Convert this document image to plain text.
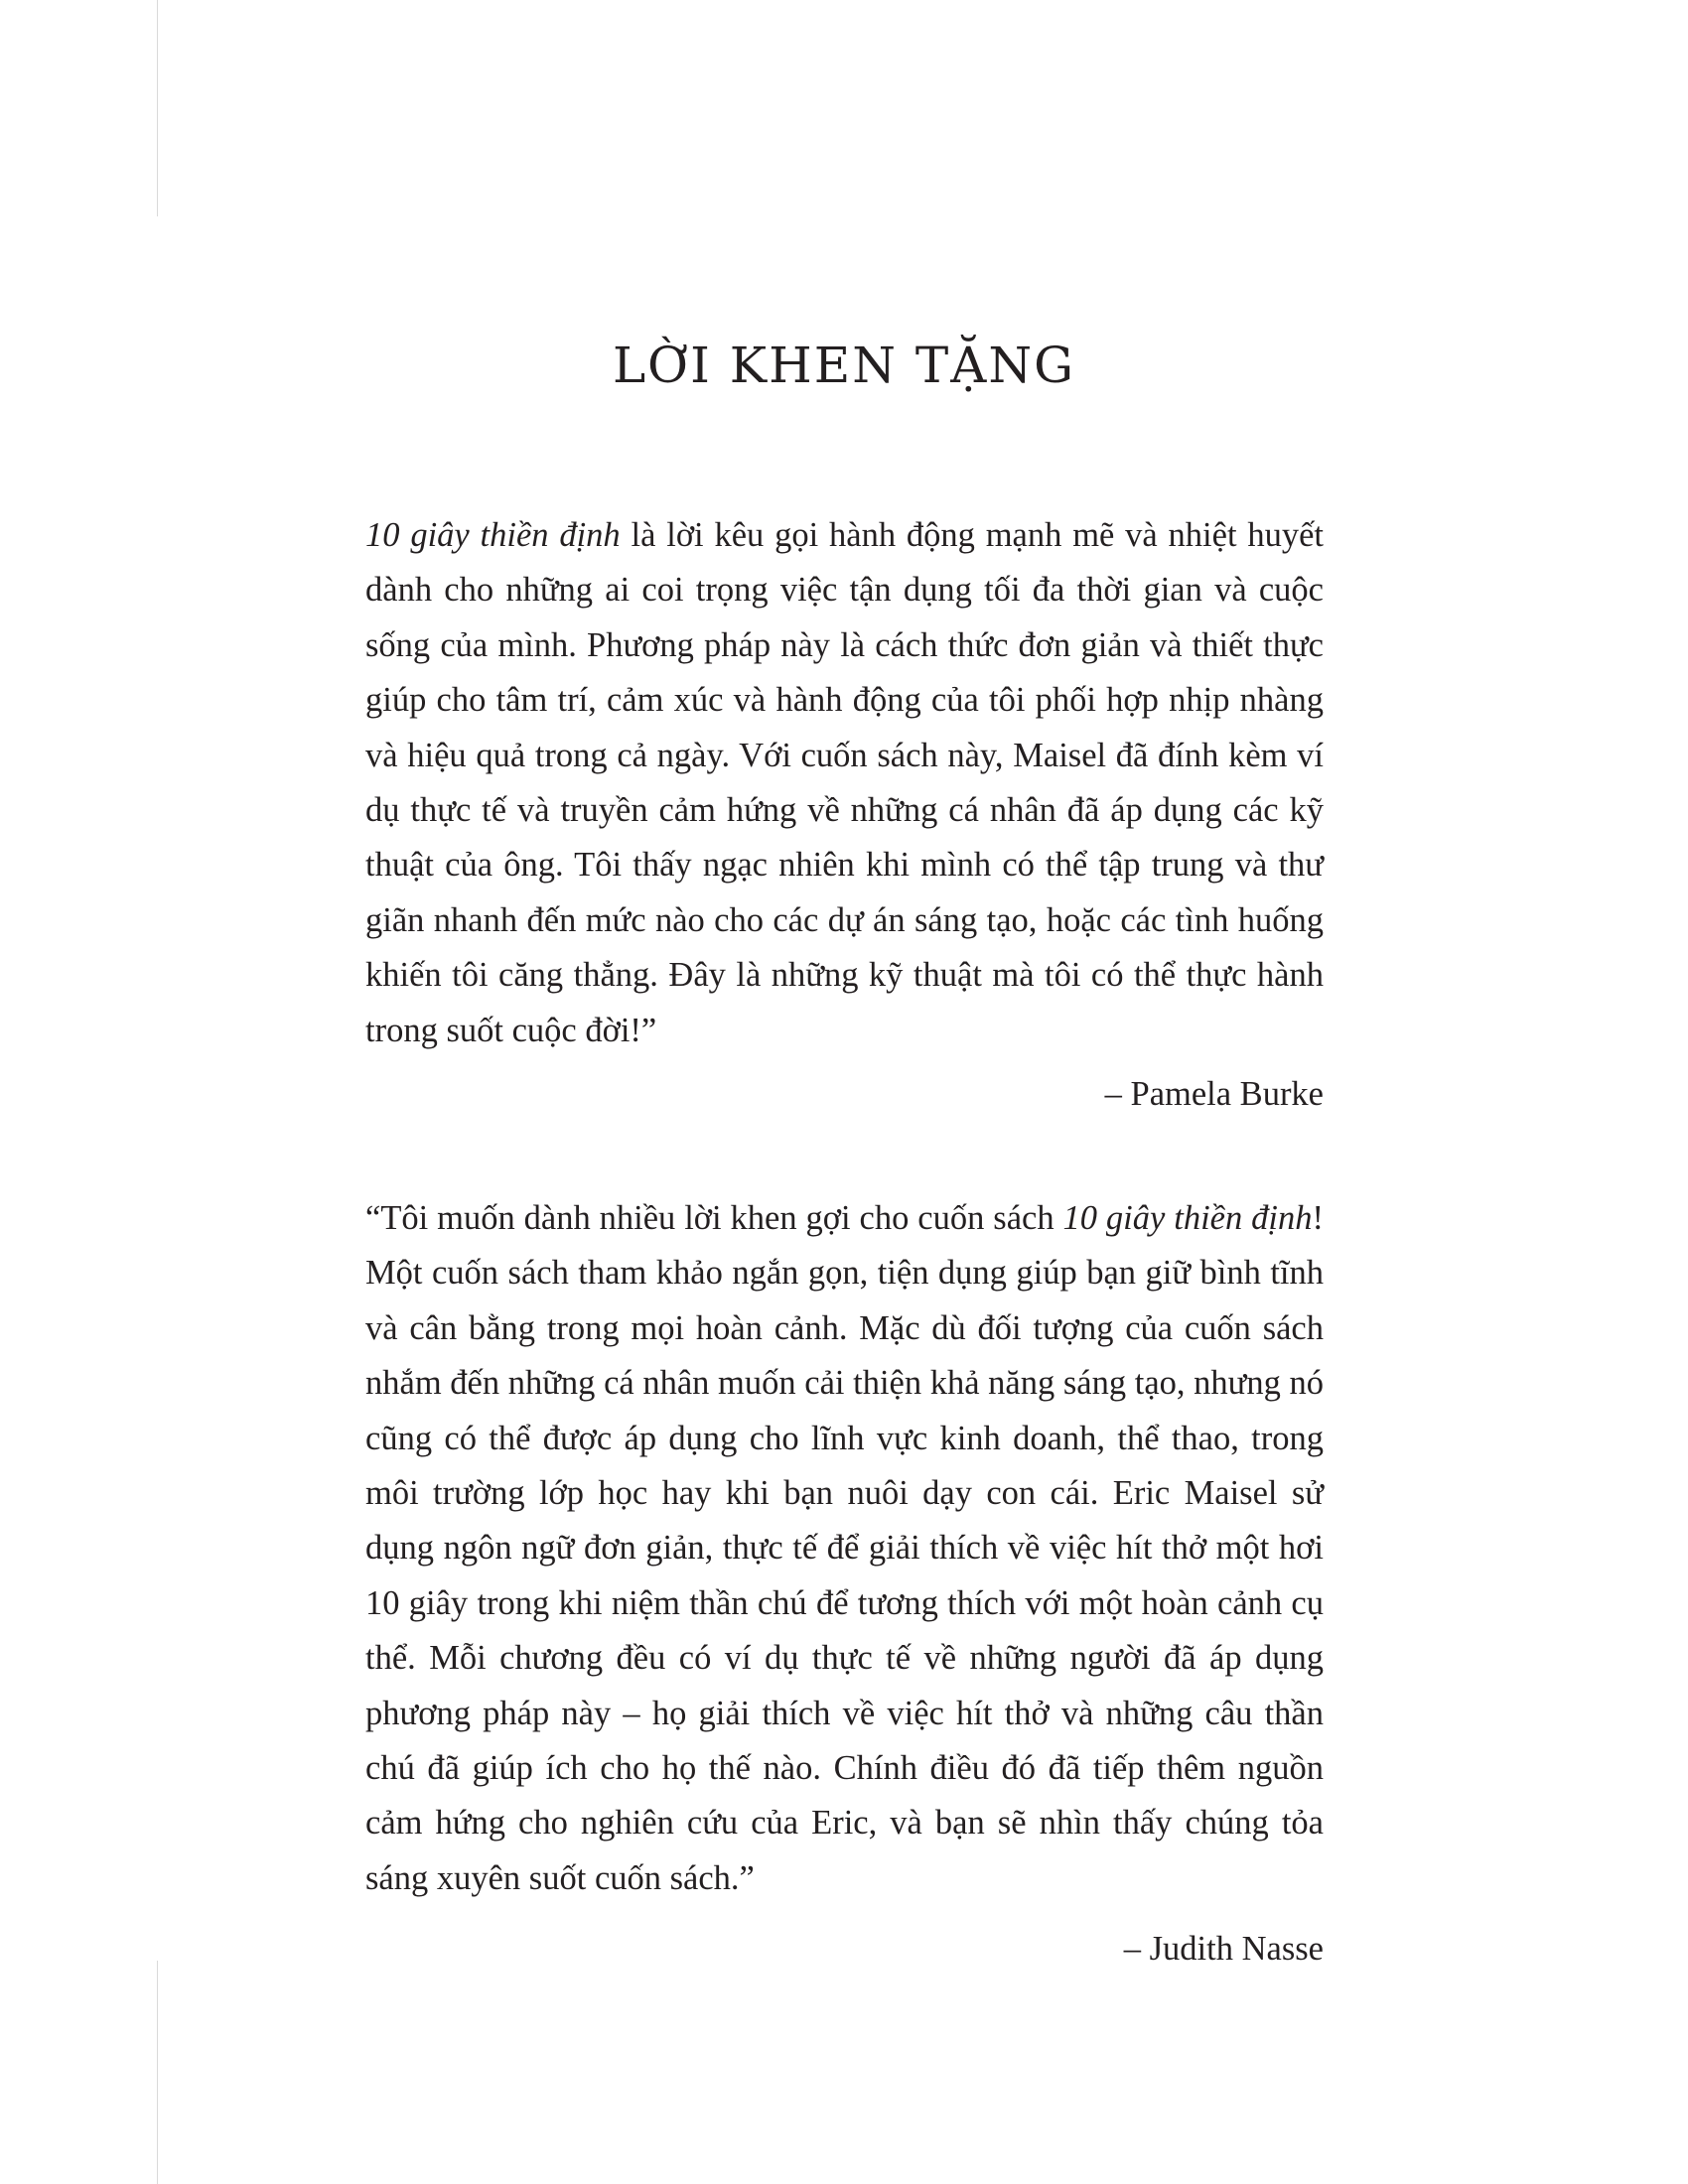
LỜI KHEN TẶNG

10 giây thiền định là lời kêu gọi hành động mạnh mẽ và nhiệt huyết dành cho những ai coi trọng việc tận dụng tối đa thời gian và cuộc sống của mình. Phương pháp này là cách thức đơn giản và thiết thực giúp cho tâm trí, cảm xúc và hành động của tôi phối hợp nhịp nhàng và hiệu quả trong cả ngày. Với cuốn sách này, Maisel đã đính kèm ví dụ thực tế và truyền cảm hứng về những cá nhân đã áp dụng các kỹ thuật của ông. Tôi thấy ngạc nhiên khi mình có thể tập trung và thư giãn nhanh đến mức nào cho các dự án sáng tạo, hoặc các tình huống khiến tôi căng thẳng. Đây là những kỹ thuật mà tôi có thể thực hành trong suốt cuộc đời!”

– Pamela Burke

“Tôi muốn dành nhiều lời khen gợi cho cuốn sách 10 giây thiền định! Một cuốn sách tham khảo ngắn gọn, tiện dụng giúp bạn giữ bình tĩnh và cân bằng trong mọi hoàn cảnh. Mặc dù đối tượng của cuốn sách nhắm đến những cá nhân muốn cải thiện khả năng sáng tạo, nhưng nó cũng có thể được áp dụng cho lĩnh vực kinh doanh, thể thao, trong môi trường lớp học hay khi bạn nuôi dạy con cái. Eric Maisel sử dụng ngôn ngữ đơn giản, thực tế để giải thích về việc hít thở một hơi 10 giây trong khi niệm thần chú để tương thích với một hoàn cảnh cụ thể. Mỗi chương đều có ví dụ thực tế về những người đã áp dụng phương pháp này – họ giải thích về việc hít thở và những câu thần chú đã giúp ích cho họ thế nào. Chính điều đó đã tiếp thêm nguồn cảm hứng cho nghiên cứu của Eric, và bạn sẽ nhìn thấy chúng tỏa sáng xuyên suốt cuốn sách.”

– Judith Nasse
